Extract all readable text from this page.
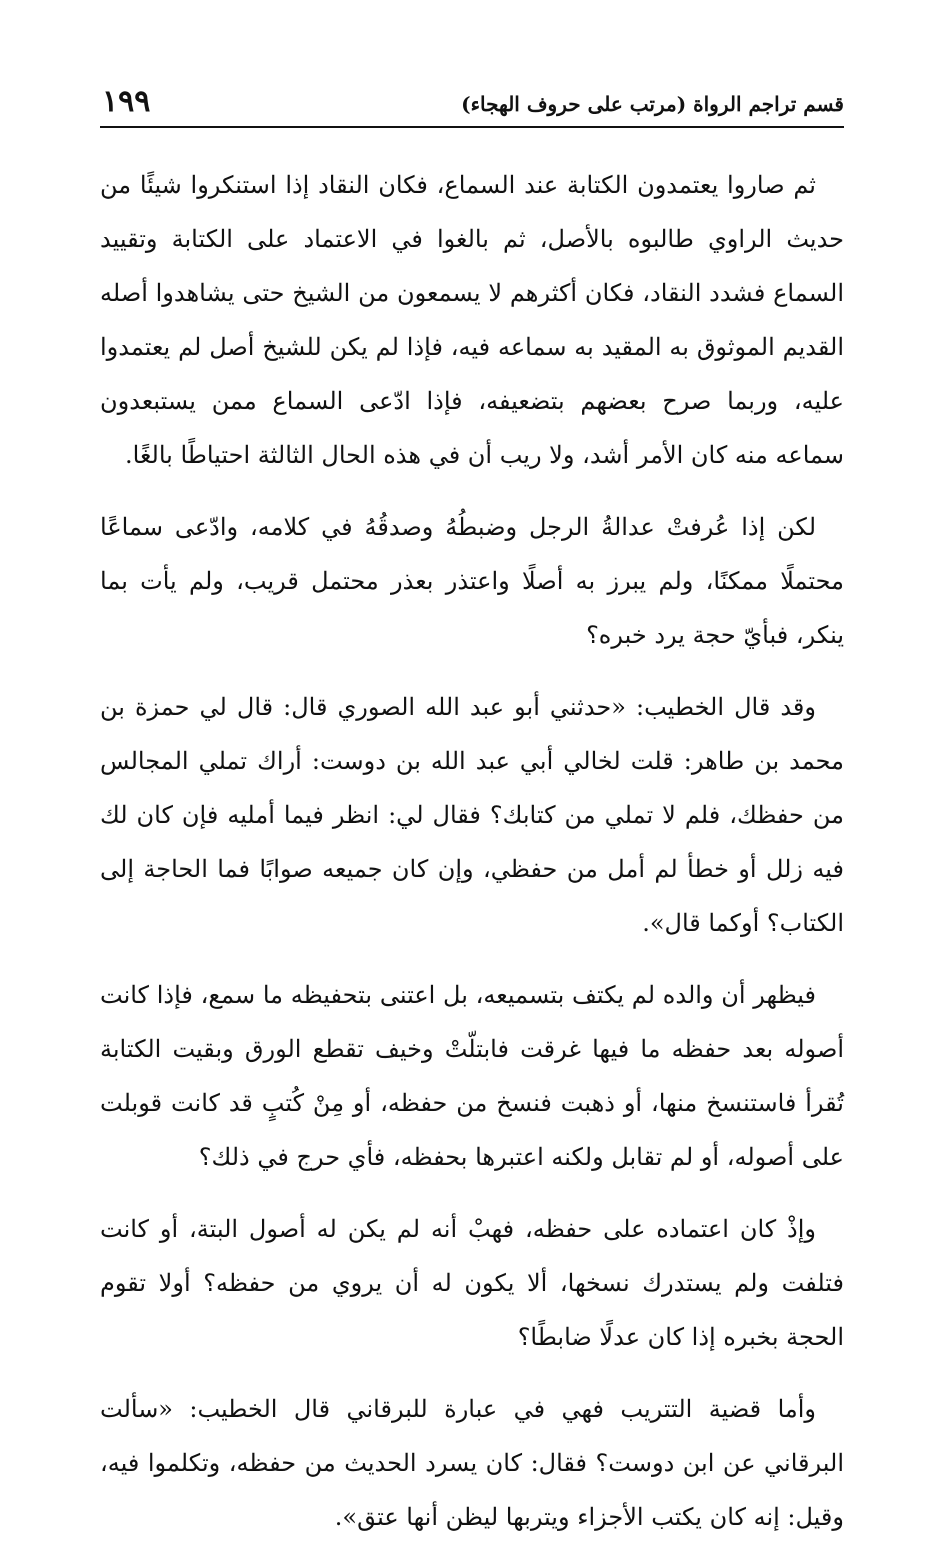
قسم تراجم الرواة (مرتب على حروف الهجاء)
١٩٩

ثم صاروا يعتمدون الكتابة عند السماع، فكان النقاد إذا استنكروا شيئًا من حديث الراوي طالبوه بالأصل، ثم بالغوا في الاعتماد على الكتابة وتقييد السماع فشدد النقاد، فكان أكثرهم لا يسمعون من الشيخ حتى يشاهدوا أصله القديم الموثوق به المقيد به سماعه فيه، فإذا لم يكن للشيخ أصل لم يعتمدوا عليه، وربما صرح بعضهم بتضعيفه، فإذا ادّعى السماع ممن يستبعدون سماعه منه كان الأمر أشد، ولا ريب أن في هذه الحال الثالثة احتياطًا بالغًا.

لكن إذا عُرفتْ عدالةُ الرجل وضبطُهُ وصدقُهُ في كلامه، وادّعى سماعًا محتملًا ممكنًا، ولم يبرز به أصلًا واعتذر بعذر محتمل قريب، ولم يأت بما ينكر، فبأيّ حجة يرد خبره؟

وقد قال الخطيب: «حدثني أبو عبد الله الصوري قال: قال لي حمزة بن محمد بن طاهر: قلت لخالي أبي عبد الله بن دوست: أراك تملي المجالس من حفظك، فلم لا تملي من كتابك؟ فقال لي: انظر فيما أمليه فإن كان لك فيه زلل أو خطأ لم أمل من حفظي، وإن كان جميعه صوابًا فما الحاجة إلى الكتاب؟ أوكما قال».

فيظهر أن والده لم يكتف بتسميعه، بل اعتنى بتحفيظه ما سمع، فإذا كانت أصوله بعد حفظه ما فيها غرقت فابتلّتْ وخيف تقطع الورق وبقيت الكتابة تُقرأ فاستنسخ منها، أو ذهبت فنسخ من حفظه، أو مِنْ كُتبٍ قد كانت قوبلت على أصوله، أو لم تقابل ولكنه اعتبرها بحفظه، فأي حرج في ذلك؟

وإذْ كان اعتماده على حفظه، فهبْ أنه لم يكن له أصول البتة، أو كانت فتلفت ولم يستدرك نسخها، ألا يكون له أن يروي من حفظه؟ أولا تقوم الحجة بخبره إذا كان عدلًا ضابطًا؟

وأما قضية التتريب فهي في عبارة للبرقاني قال الخطيب: «سألت البرقاني عن ابن دوست؟ فقال: كان يسرد الحديث من حفظه، وتكلموا فيه، وقيل: إنه كان يكتب الأجزاء ويتربها ليظن أنها عتق».
